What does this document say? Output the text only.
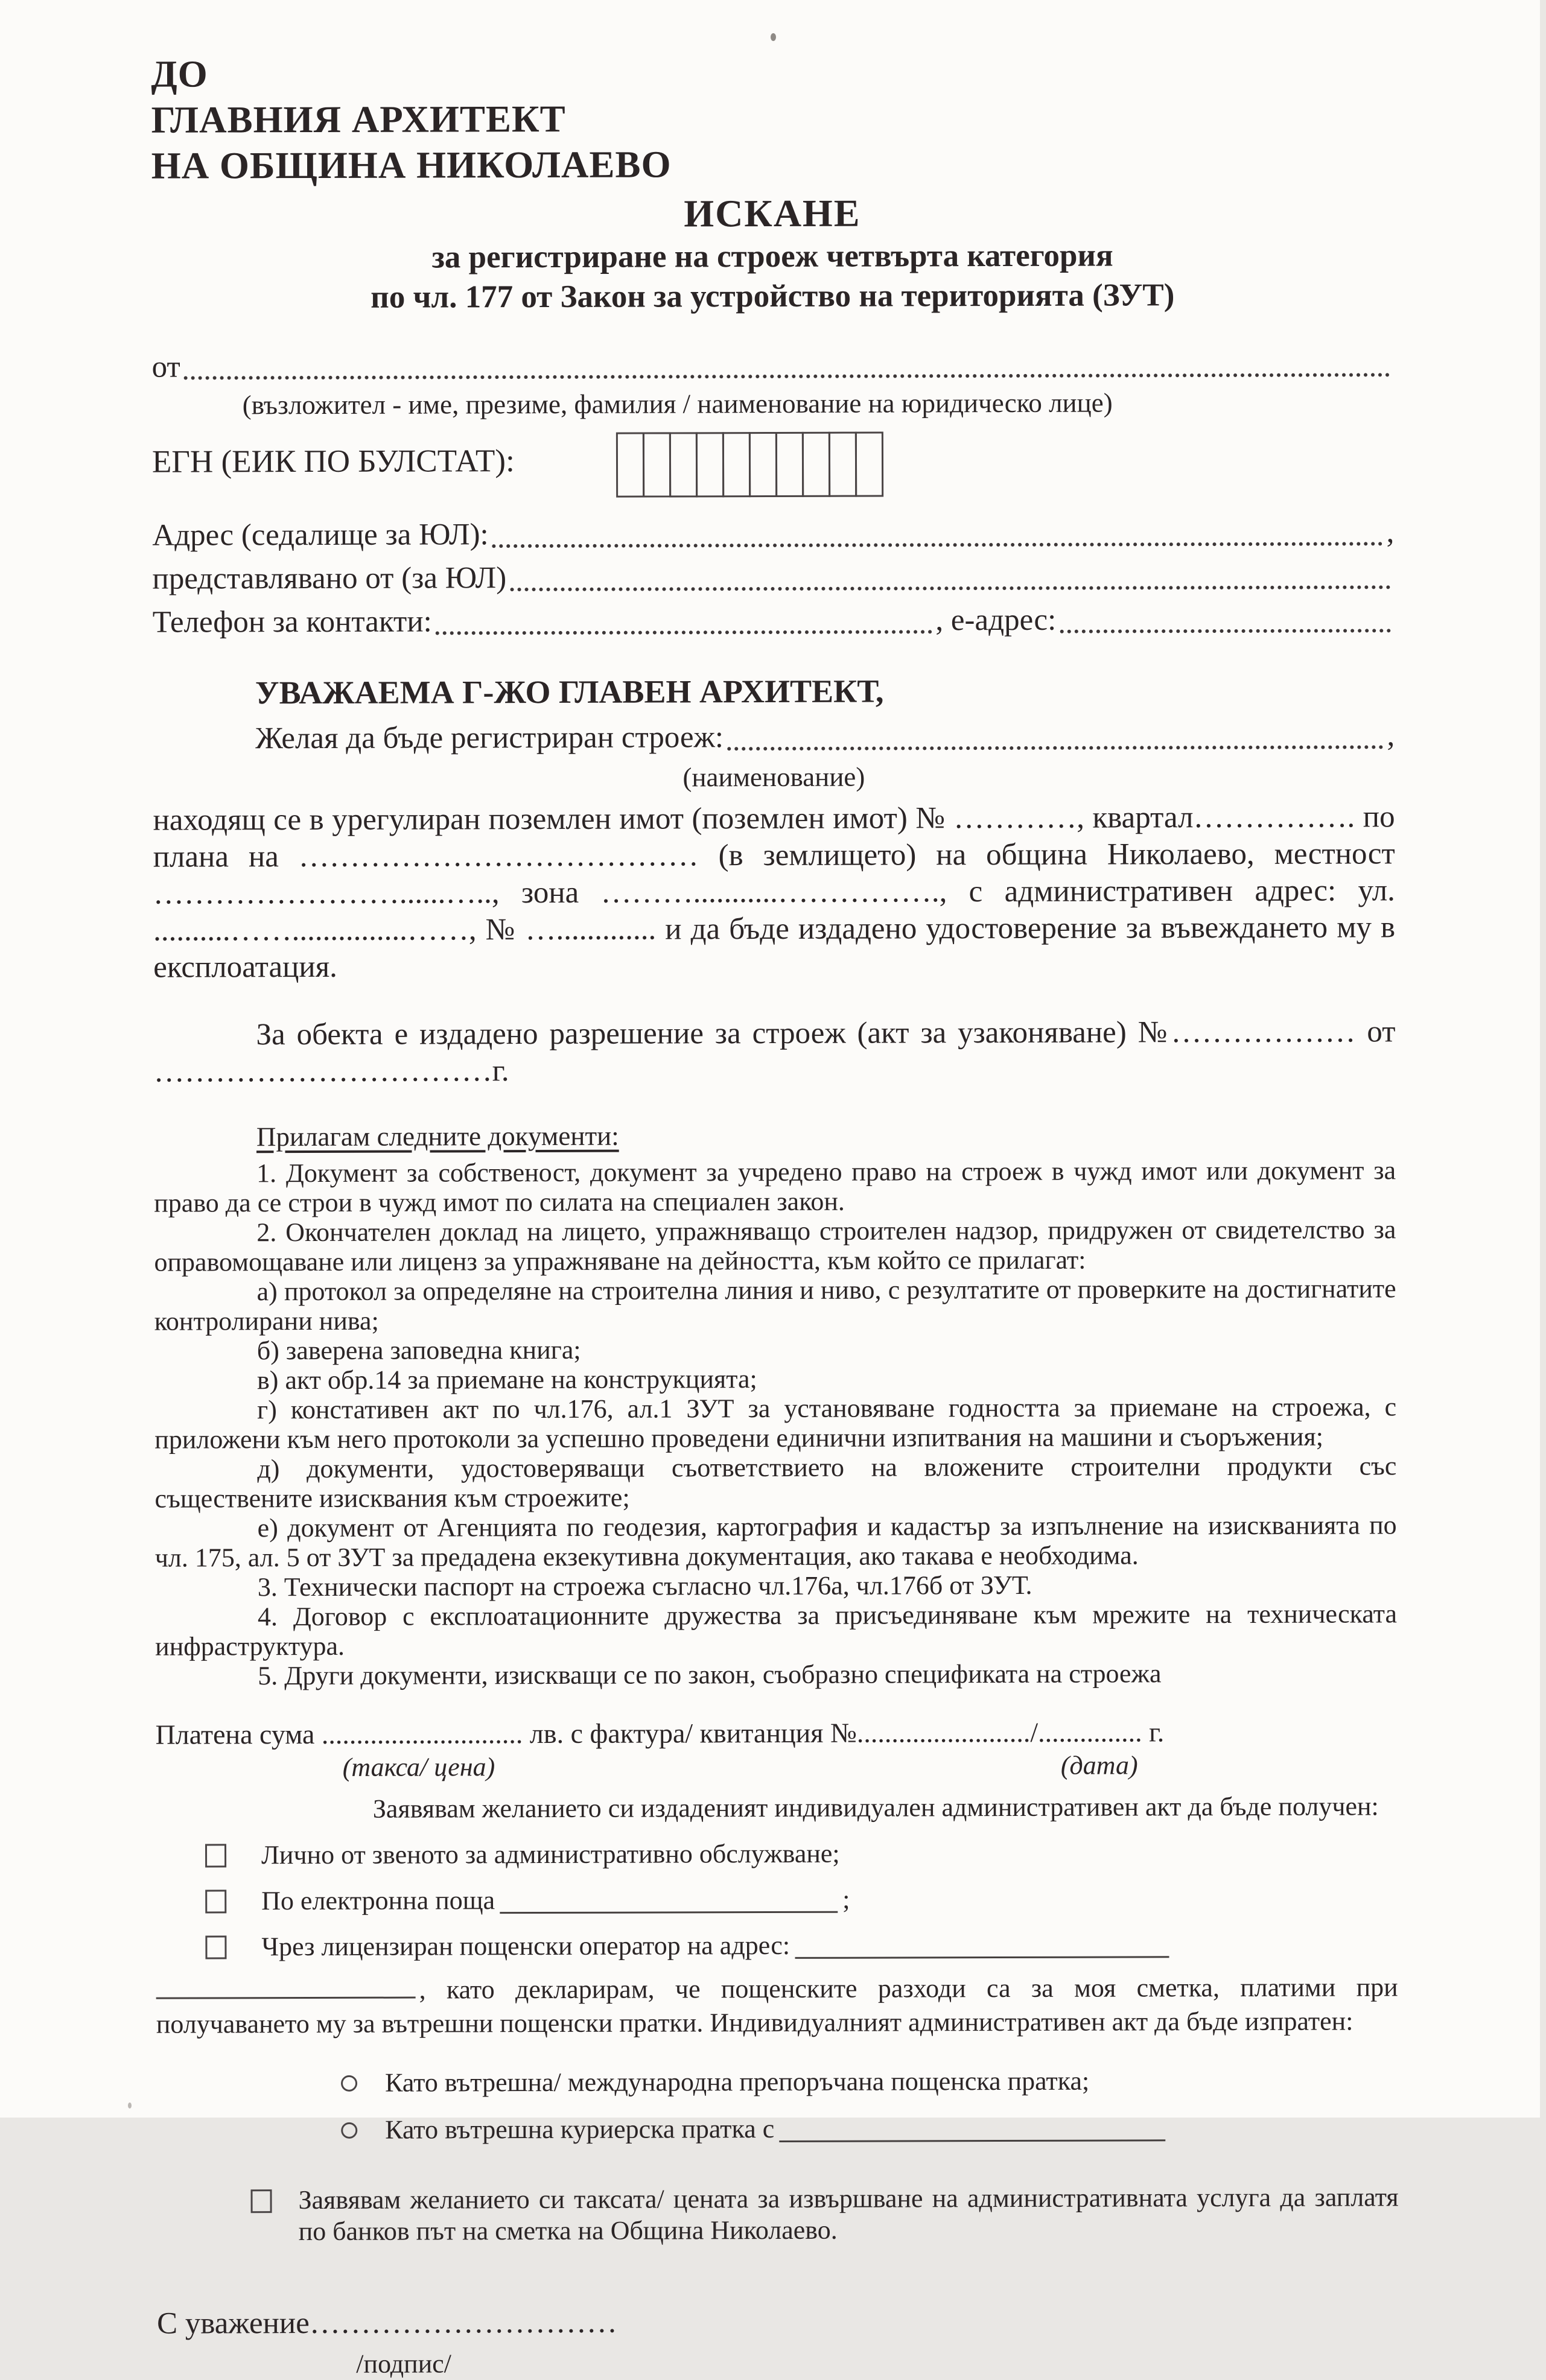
ДО
ГЛАВНИЯ АРХИТЕКТ
НА ОБЩИНА НИКОЛАЕВО
ИСКАНЕ
за регистриране на строеж четвърта категория
по чл. 177 от Закон за устройство на територията (ЗУТ)
от
(възложител - име, презиме, фамилия / наименование на юридическо лице)
ЕГН (ЕИК ПО БУЛСТАТ):
Адрес (седалище за ЮЛ):	,
представлявано от (за ЮЛ)
Телефон за контакти:	, е-адрес:
УВАЖАЕМА Г-ЖО ГЛАВЕН АРХИТЕКТ,
Желая да бъде регистриран строеж:	,
(наименование)

находящ се в урегулиран поземлен имот (поземлен имот) № …………, квартал……………. по плана на ………………………………… (в землището) на община Николаево, местност ……………………......….., зона ………...........……………., с административен адрес: ул. ..........……...............……, № …............. и да бъде издадено удостоверение за въвеждането му в експлоатация.

За обекта е издадено разрешение за строеж (акт за узаконяване) №……………… от ……………………………г.

Прилагам следните документи:

1. Документ за собственост, документ за учредено право на строеж в чужд имот или документ за право да се строи в чужд имот по силата на специален закон.

2. Окончателен доклад на лицето, упражняващо строителен надзор, придружен от свидетелство за оправомощаване или лиценз за упражняване на дейността, към който се прилагат:

а) протокол за определяне на строителна линия и ниво, с резултатите от проверките на достигнатите контролирани нива;

б) заверена заповедна книга;

в) акт обр.14 за приемане на конструкцията;

г) констативен акт по чл.176, ал.1 ЗУТ за установяване годността за приемане на строежа, с приложени към него протоколи за успешно проведени единични изпитвания на машини и съоръжения;

д) документи, удостоверяващи съответствието на вложените строителни продукти със съществените изисквания към строежите;

е) документ от Агенцията по геодезия, картография и кадастър за изпълнение на изискванията по чл. 175, ал. 5 от ЗУТ за предадена екзекутивна документация, ако такава е необходима.

3. Технически паспорт на строежа съгласно чл.176а, чл.176б от ЗУТ.

4. Договор с експлоатационните дружества за присъединяване към мрежите на техническата инфраструктура.

5. Други документи, изискващи се по закон, съобразно спецификата на строежа

Платена сума ............................. лв. с фактура/ квитанция №........................./............... г.
(такса/ цена)	(дата)
Заявявам желанието си издаденият индивидуален административен акт да бъде получен:
Лично от звеното за административно обслужване;
По електронна поща	;
Чрез лицензиран пощенски оператор на адрес:

, като декларирам, че пощенските разходи са за моя сметка, платими при получаването му за вътрешни пощенски пратки. Индивидуалният административен акт да бъде изпратен:

Като вътрешна/ международна препоръчана пощенска пратка;
Като вътрешна куриерска пратка с
Заявявам желанието си таксата/ цената за извършване на административната услуга да заплатя по банков път на сметка на Община Николаево.
С уважение…………………………
/подпис/
